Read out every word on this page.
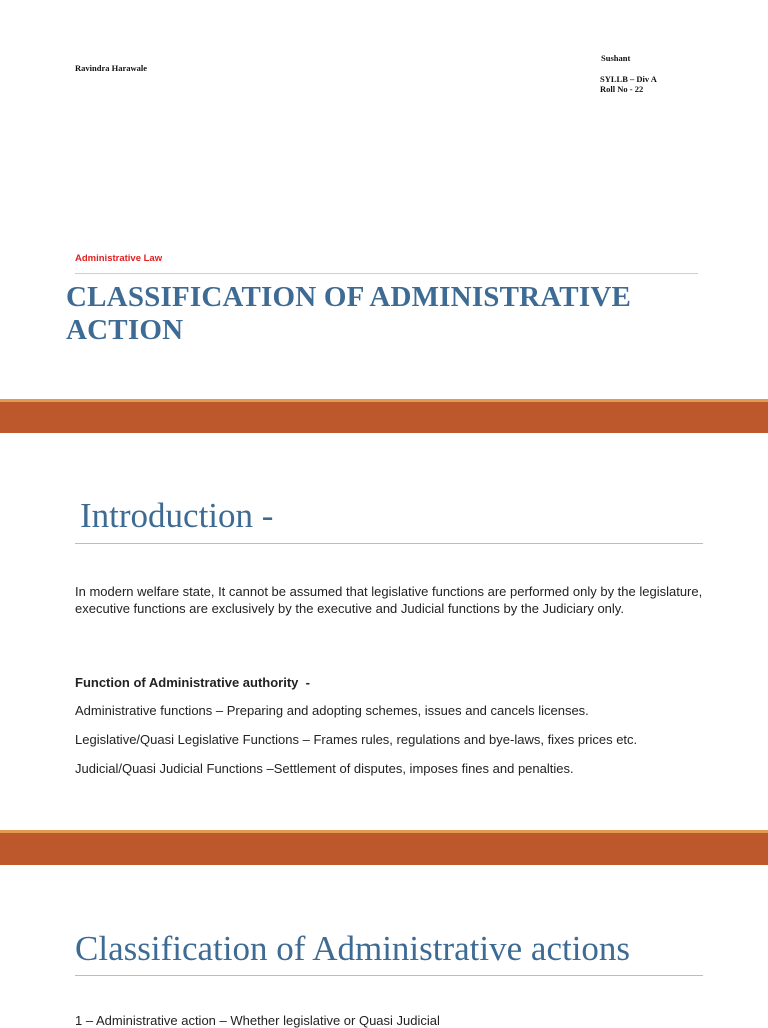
Ravindra Harawale
Sushant
SYLLB – Div A
Roll No - 22
Administrative Law
CLASSIFICATION OF ADMINISTRATIVE ACTION
Introduction -
In modern welfare state, It cannot be assumed that legislative functions are performed only by the legislature, executive functions are exclusively by the executive and Judicial functions by the Judiciary only.
Function of Administrative authority  -
Administrative functions – Preparing and adopting schemes, issues and cancels licenses.
Legislative/Quasi Legislative Functions – Frames rules, regulations and bye-laws, fixes prices etc.
Judicial/Quasi Judicial Functions –Settlement of disputes, imposes fines and penalties.
Classification of Administrative actions
1 – Administrative action – Whether legislative or Quasi Judicial
